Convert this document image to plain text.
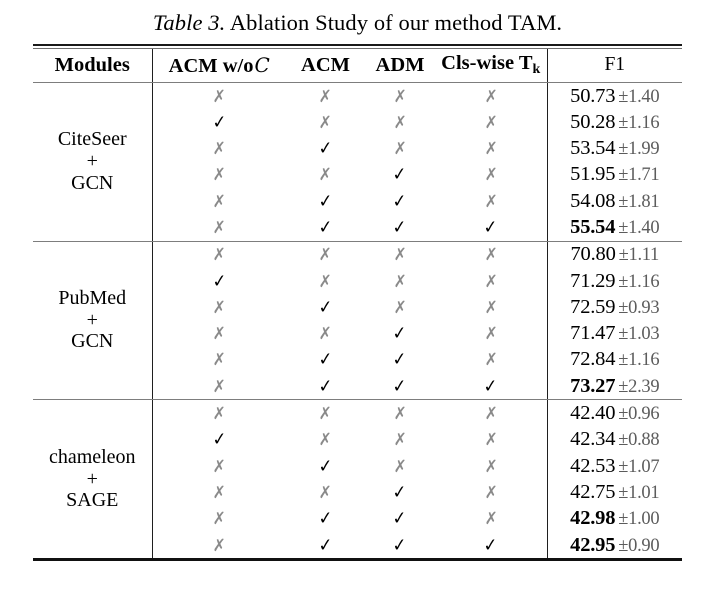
Table 3. Ablation Study of our method TAM.
Modules	ACM w/oC	ACM	ADM	Cls-wise Tk	F1

CiteSeer
+
GCN	✗	✗	✗	✗	50.73 ±1.40
	✓	✗	✗	✗	50.28 ±1.16
	✗	✓	✗	✗	53.54 ±1.99
	✗	✗	✓	✗	51.95 ±1.71
	✗	✓	✓	✗	54.08 ±1.81
	✗	✓	✓	✓	55.54 ±1.40

PubMed
+
GCN	✗	✗	✗	✗	70.80 ±1.11
	✓	✗	✗	✗	71.29 ±1.16
	✗	✓	✗	✗	72.59 ±0.93
	✗	✗	✓	✗	71.47 ±1.03
	✗	✓	✓	✗	72.84 ±1.16
	✗	✓	✓	✓	73.27 ±2.39

chameleon
+
SAGE	✗	✗	✗	✗	42.40 ±0.96
	✓	✗	✗	✗	42.34 ±0.88
	✗	✓	✗	✗	42.53 ±1.07
	✗	✗	✓	✗	42.75 ±1.01
	✗	✓	✓	✗	42.98 ±1.00
	✗	✓	✓	✓	42.95 ±0.90
